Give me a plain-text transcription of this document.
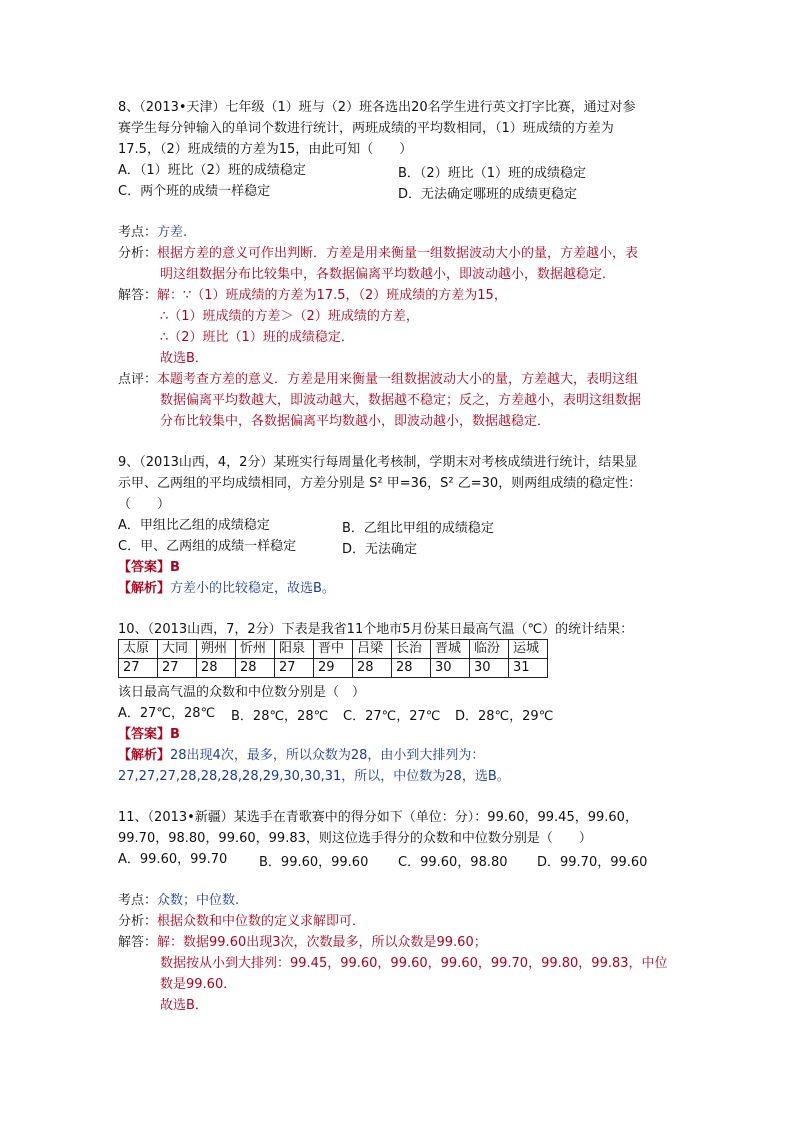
8、（2013•天津）七年级（1）班与（2）班各选出20名学生进行英文打字比赛，通过对参
赛学生每分钟输入的单词个数进行统计，两班成绩的平均数相同，（1）班成绩的方差为
17.5，（2）班成绩的方差为15，由此可知（　　）
A．（1）班比（2）班的成绩稳定	B．（2）班比（1）班的成绩稳定
C．两个班的成绩一样稳定	D．无法确定哪班的成绩更稳定
考点：方差.
分析：根据方差的意义可作出判断．方差是用来衡量一组数据波动大小的量，方差越小，表
明这组数据分布比较集中，各数据偏离平均数越小，即波动越小，数据越稳定．
解答：解：∵（1）班成绩的方差为17.5，（2）班成绩的方差为15，
∴（1）班成绩的方差＞（2）班成绩的方差，
∴（2）班比（1）班的成绩稳定．
故选B．
点评：本题考查方差的意义．方差是用来衡量一组数据波动大小的量，方差越大，表明这组
数据偏离平均数越大，即波动越大，数据越不稳定；反之，方差越小，表明这组数据
分布比较集中，各数据偏离平均数越小，即波动越小，数据越稳定．
9、（2013山西，4，2分）某班实行每周量化考核制，学期末对考核成绩进行统计，结果显
示甲、乙两组的平均成绩相同，方差分别是 S² 甲=36，S² 乙=30，则两组成绩的稳定性：
（　　）
A．甲组比乙组的成绩稳定	B．乙组比甲组的成绩稳定
C．甲、乙两组的成绩一样稳定	D．无法确定
【答案】B
【解析】方差小的比较稳定，故选B。
10、（2013山西，7，2分）下表是我省11个地市5月份某日最高气温（℃）的统计结果：
太原	大同	朔州	忻州	阳泉	晋中	吕梁	长治	晋城	临汾	运城
27	27	28	28	27	29	28	28	30	30	31
该日最高气温的众数和中位数分别是（　）
A．27℃，28℃ B．28℃，28℃ C．27℃，27℃ D．28℃，29℃
【答案】B
【解析】28出现4次，最多，所以众数为28，由小到大排列为：
27,27,27,28,28,28,28,29,30,30,31，所以，中位数为28，选B。
11、（2013•新疆）某选手在青歌赛中的得分如下（单位：分）：99.60，99.45，99.60，
99.70，98.80，99.60，99.83，则这位选手得分的众数和中位数分别是（　　）
A．99.60，99.70 B．99.60，99.60 C．99.60，98.80 D．99.70，99.60
考点：众数；中位数.
分析：根据众数和中位数的定义求解即可．
解答：解：数据99.60出现3次，次数最多，所以众数是99.60；
数据按从小到大排列：99.45，99.60，99.60，99.60，99.70，99.80，99.83，中位
数是99.60．
故选B．
